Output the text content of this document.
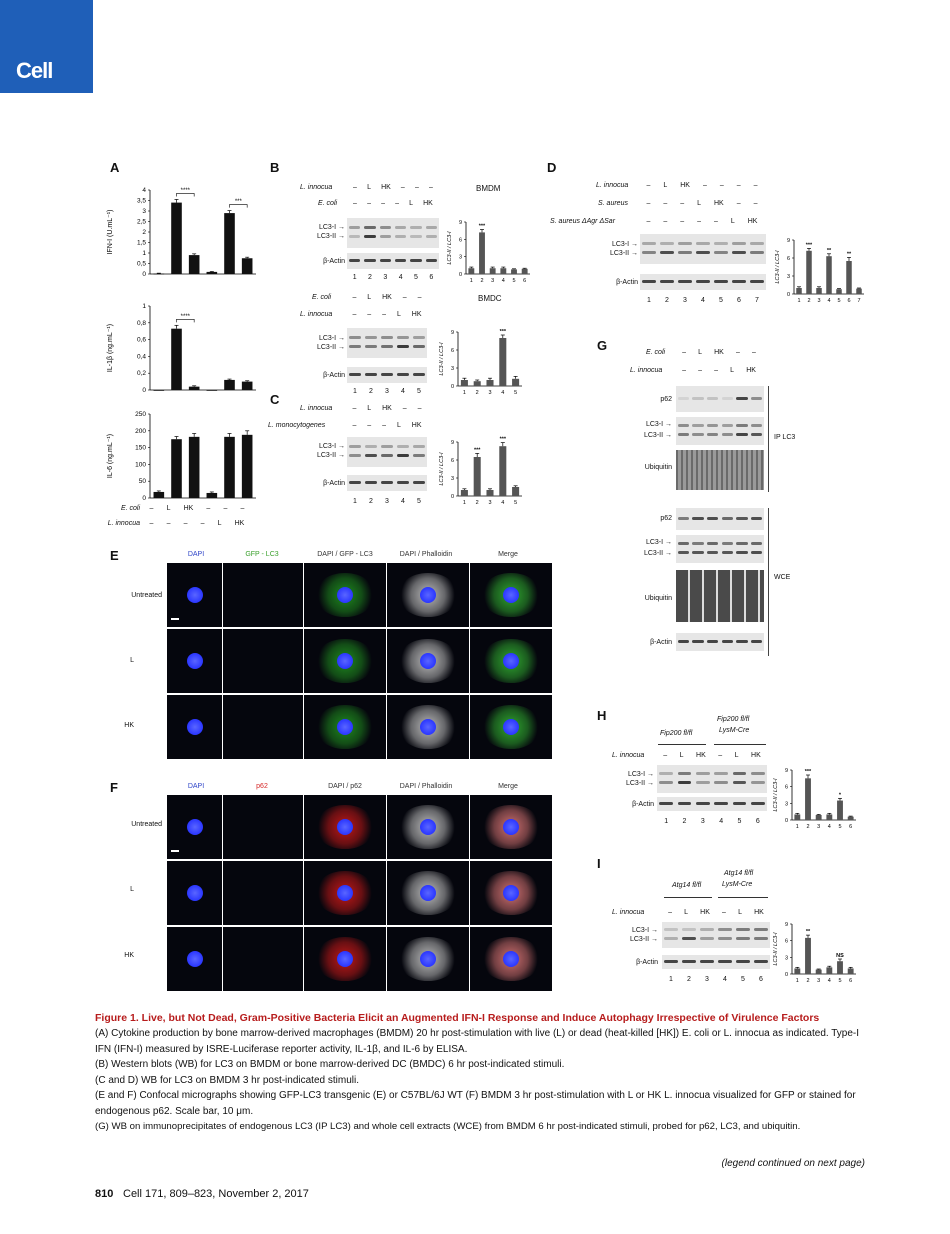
Cell
A	B
C
D
G
E
F
H
I
IFN-I (U.mL⁻¹)
0
0,5
1
1,5
2
2,5
3
3,5
4	****
***
IL-1β (ng.mL⁻¹)
0
0,2
0,4
0,6
0,8
1
****
IL-6 (ng.mL⁻¹)
0
50
100
150
200
250
E. coli – L HK – – –
L. innocua – – – – L HK
L. innocua	– L HK – – –
E. coli – – – – L HK
BMDM
LC3-I →
LC3-II →
β-Actin
1 2 3 4 5 6
LC3-II / LC3-I
0
3
6
9
1 2 3 4 5 6
***
E. coli	– L HK – –
L. innocua	– – – L HK
BMDC
LC3-I →
LC3-II →
β-Actin
1 2 3 4 5
LC3-II / LC3-I
0
3
6
9
1 2 3 4 5
***
L. innocua	– L HK – –
L. monocytogenes	– – – L HK
LC3-I →
LC3-II →
β-Actin
1 2 3 4 5
LC3-II / LC3-I
0
3
6
9
1 2 3 4 5
***
***
L. innocua	– L HK – – – –
S. aureus	– – – L HK – –
S. aureus ΔAgr ΔSar	– – – – – L HK
LC3-I →
LC3-II →
β-Actin
1 2 3 4 5 6 7
LC3-II / LC3-I
0
3
6
9
1 2 3 4 5 6 7
***
**
**
E. coli – L HK – –
L. innocua	– – – L HK
p62
LC3-I →
LC3-II →
Ubiquitin
IP LC3
p62
LC3-I →
LC3-II →
Ubiquitin
β-Actin
WCE
Fip200 fl/fl
Fip200 fl/fl
LysM-Cre
L. innocua	– L HK – L HK
LC3-I →
LC3-II →
β-Actin
1 2 3 4 5 6
LC3-II / LC3-I
0
3
6
9
1 2 3 4 5 6
***
*
Atg14 fl/fl
Atg14 fl/fl
LysM-Cre
L. innocua	– L HK – L HK
LC3-I →
LC3-II →
β-Actin
1 2 3 4 5 6
LC3-II / LC3-I
0
3
6
9
1 2 3 4 5 6
**
NS
DAPI	GFP - LC3	DAPI / GFP - LC3	DAPI / Phalloidin	Merge
Untreated
L
HK
DAPI	p62	DAPI / p62	DAPI / Phalloidin	Merge
Untreated
L
HK
Figure 1. Live, but Not Dead, Gram-Positive Bacteria Elicit an Augmented IFN-I Response and Induce Autophagy Irrespective of Virulence Factors
(A) Cytokine production by bone marrow-derived macrophages (BMDM) 20 hr post-stimulation with live (L) or dead (heat-killed [HK]) E. coli or L. innocua as indicated. Type-I IFN (IFN-I) measured by ISRE-Luciferase reporter activity, IL-1β, and IL-6 by ELISA.
(B) Western blots (WB) for LC3 on BMDM or bone marrow-derived DC (BMDC) 6 hr post-indicated stimuli.
(C and D) WB for LC3 on BMDM 3 hr post-indicated stimuli.
(E and F) Confocal micrographs showing GFP-LC3 transgenic (E) or C57BL/6J WT (F) BMDM 3 hr post-stimulation with L or HK L. innocua visualized for GFP or stained for endogenous p62. Scale bar, 10 μm.
(G) WB on immunoprecipitates of endogenous LC3 (IP LC3) and whole cell extracts (WCE) from BMDM 6 hr post-indicated stimuli, probed for p62, LC3, and ubiquitin.
(legend continued on next page)
810 Cell 171, 809–823, November 2, 2017
